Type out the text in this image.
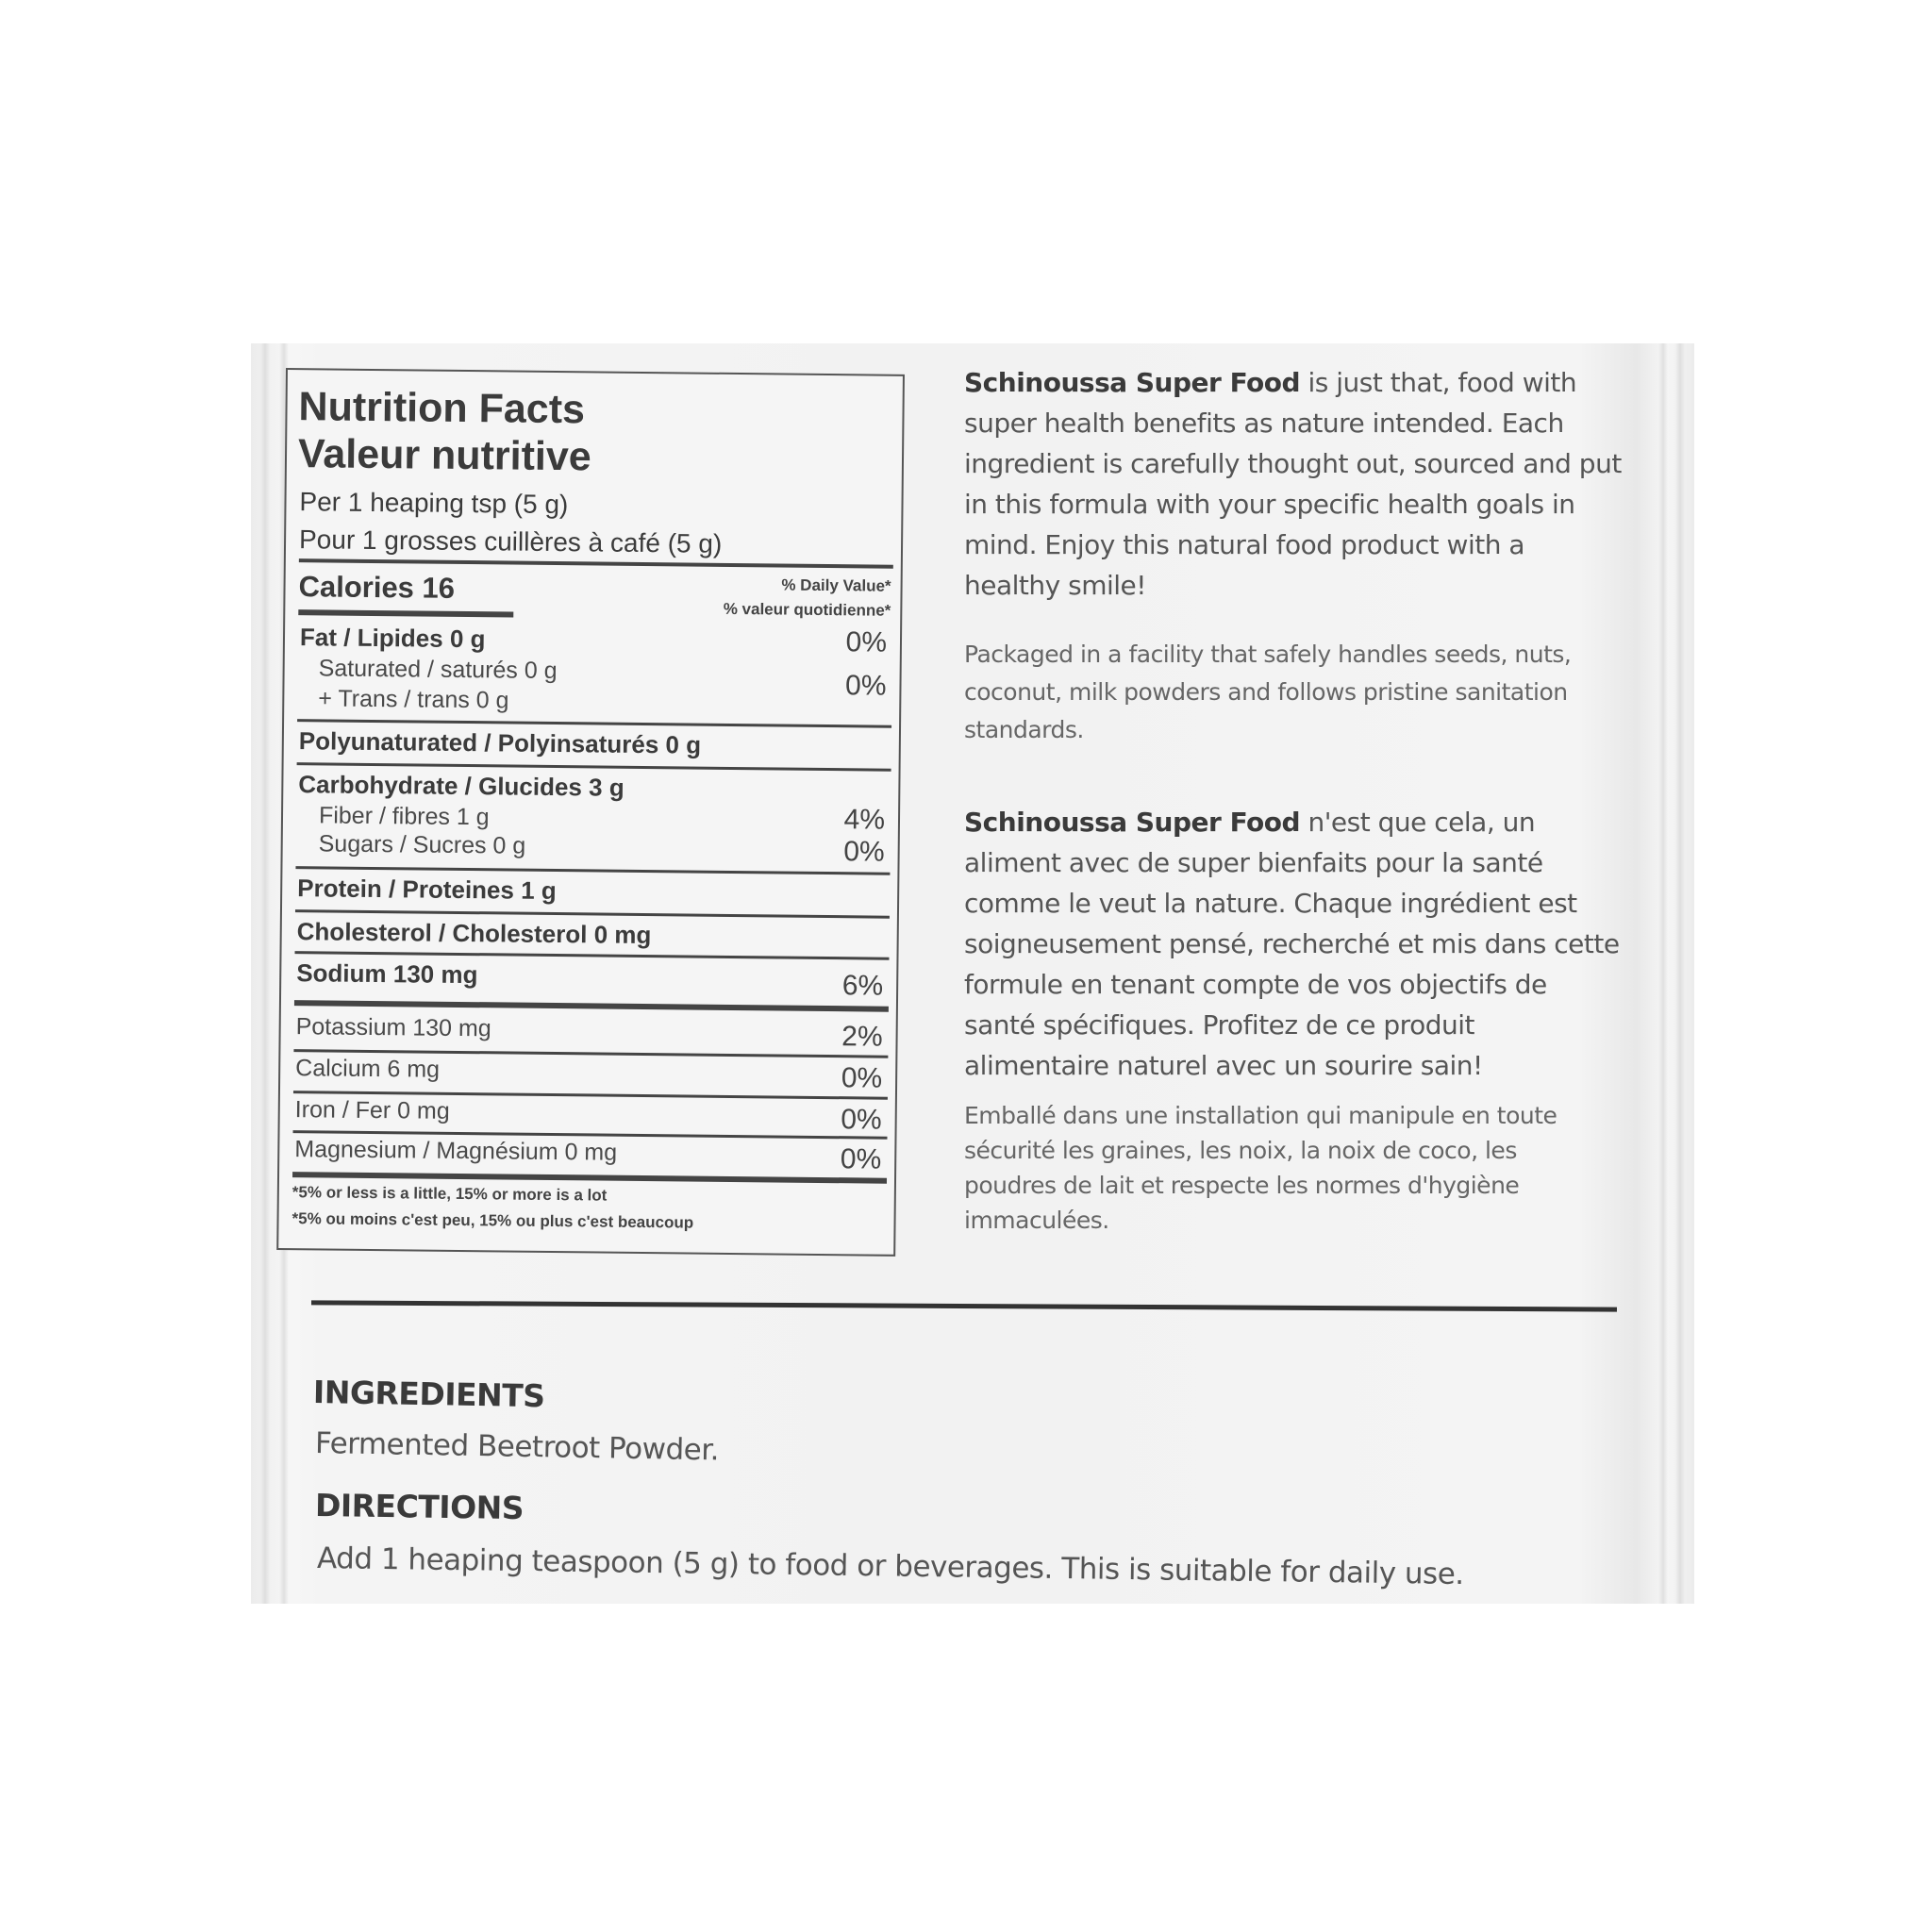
Nutrition Facts
Valeur nutritive
Per 1 heaping tsp (5 g)
Pour 1 grosses cuillères à café (5 g)
Calories 16	% Daily Value*
% valeur quotidienne*
Fat / Lipides 0 g	0%
Saturated / saturés 0 g
+ Trans / trans 0 g	0%
Polyunaturated / Polyinsaturés 0 g
Carbohydrate / Glucides 3 g
Fiber / fibres 1 g	4%
Sugars / Sucres 0 g	0%
Protein / Proteines 1 g
Cholesterol / Cholesterol 0 mg
Sodium 130 mg	6%
Potassium 130 mg	2%
Calcium 6 mg	0%
Iron / Fer 0 mg	0%
Magnesium / Magnésium 0 mg	0%
*5% or less is a little, 15% or more is a lot
*5% ou moins c'est peu, 15% ou plus c'est beaucoup
Schinoussa Super Food is just that, food with super health benefits as nature intended. Each ingredient is carefully thought out, sourced and put in this formula with your specific health goals in mind. Enjoy this natural food product with a healthy smile!
Packaged in a facility that safely handles seeds, nuts, coconut, milk powders and follows pristine sanitation standards.
Schinoussa Super Food n'est que cela, un aliment avec de super bienfaits pour la santé comme le veut la nature. Chaque ingrédient est soigneusement pensé, recherché et mis dans cette formule en tenant compte de vos objectifs de santé spécifiques. Profitez de ce produit alimentaire naturel avec un sourire sain!
Emballé dans une installation qui manipule en toute sécurité les graines, les noix, la noix de coco, les poudres de lait et respecte les normes d'hygiène immaculées.
INGREDIENTS
Fermented Beetroot Powder.
DIRECTIONS
Add 1 heaping teaspoon (5 g) to food or beverages. This is suitable for daily use.
